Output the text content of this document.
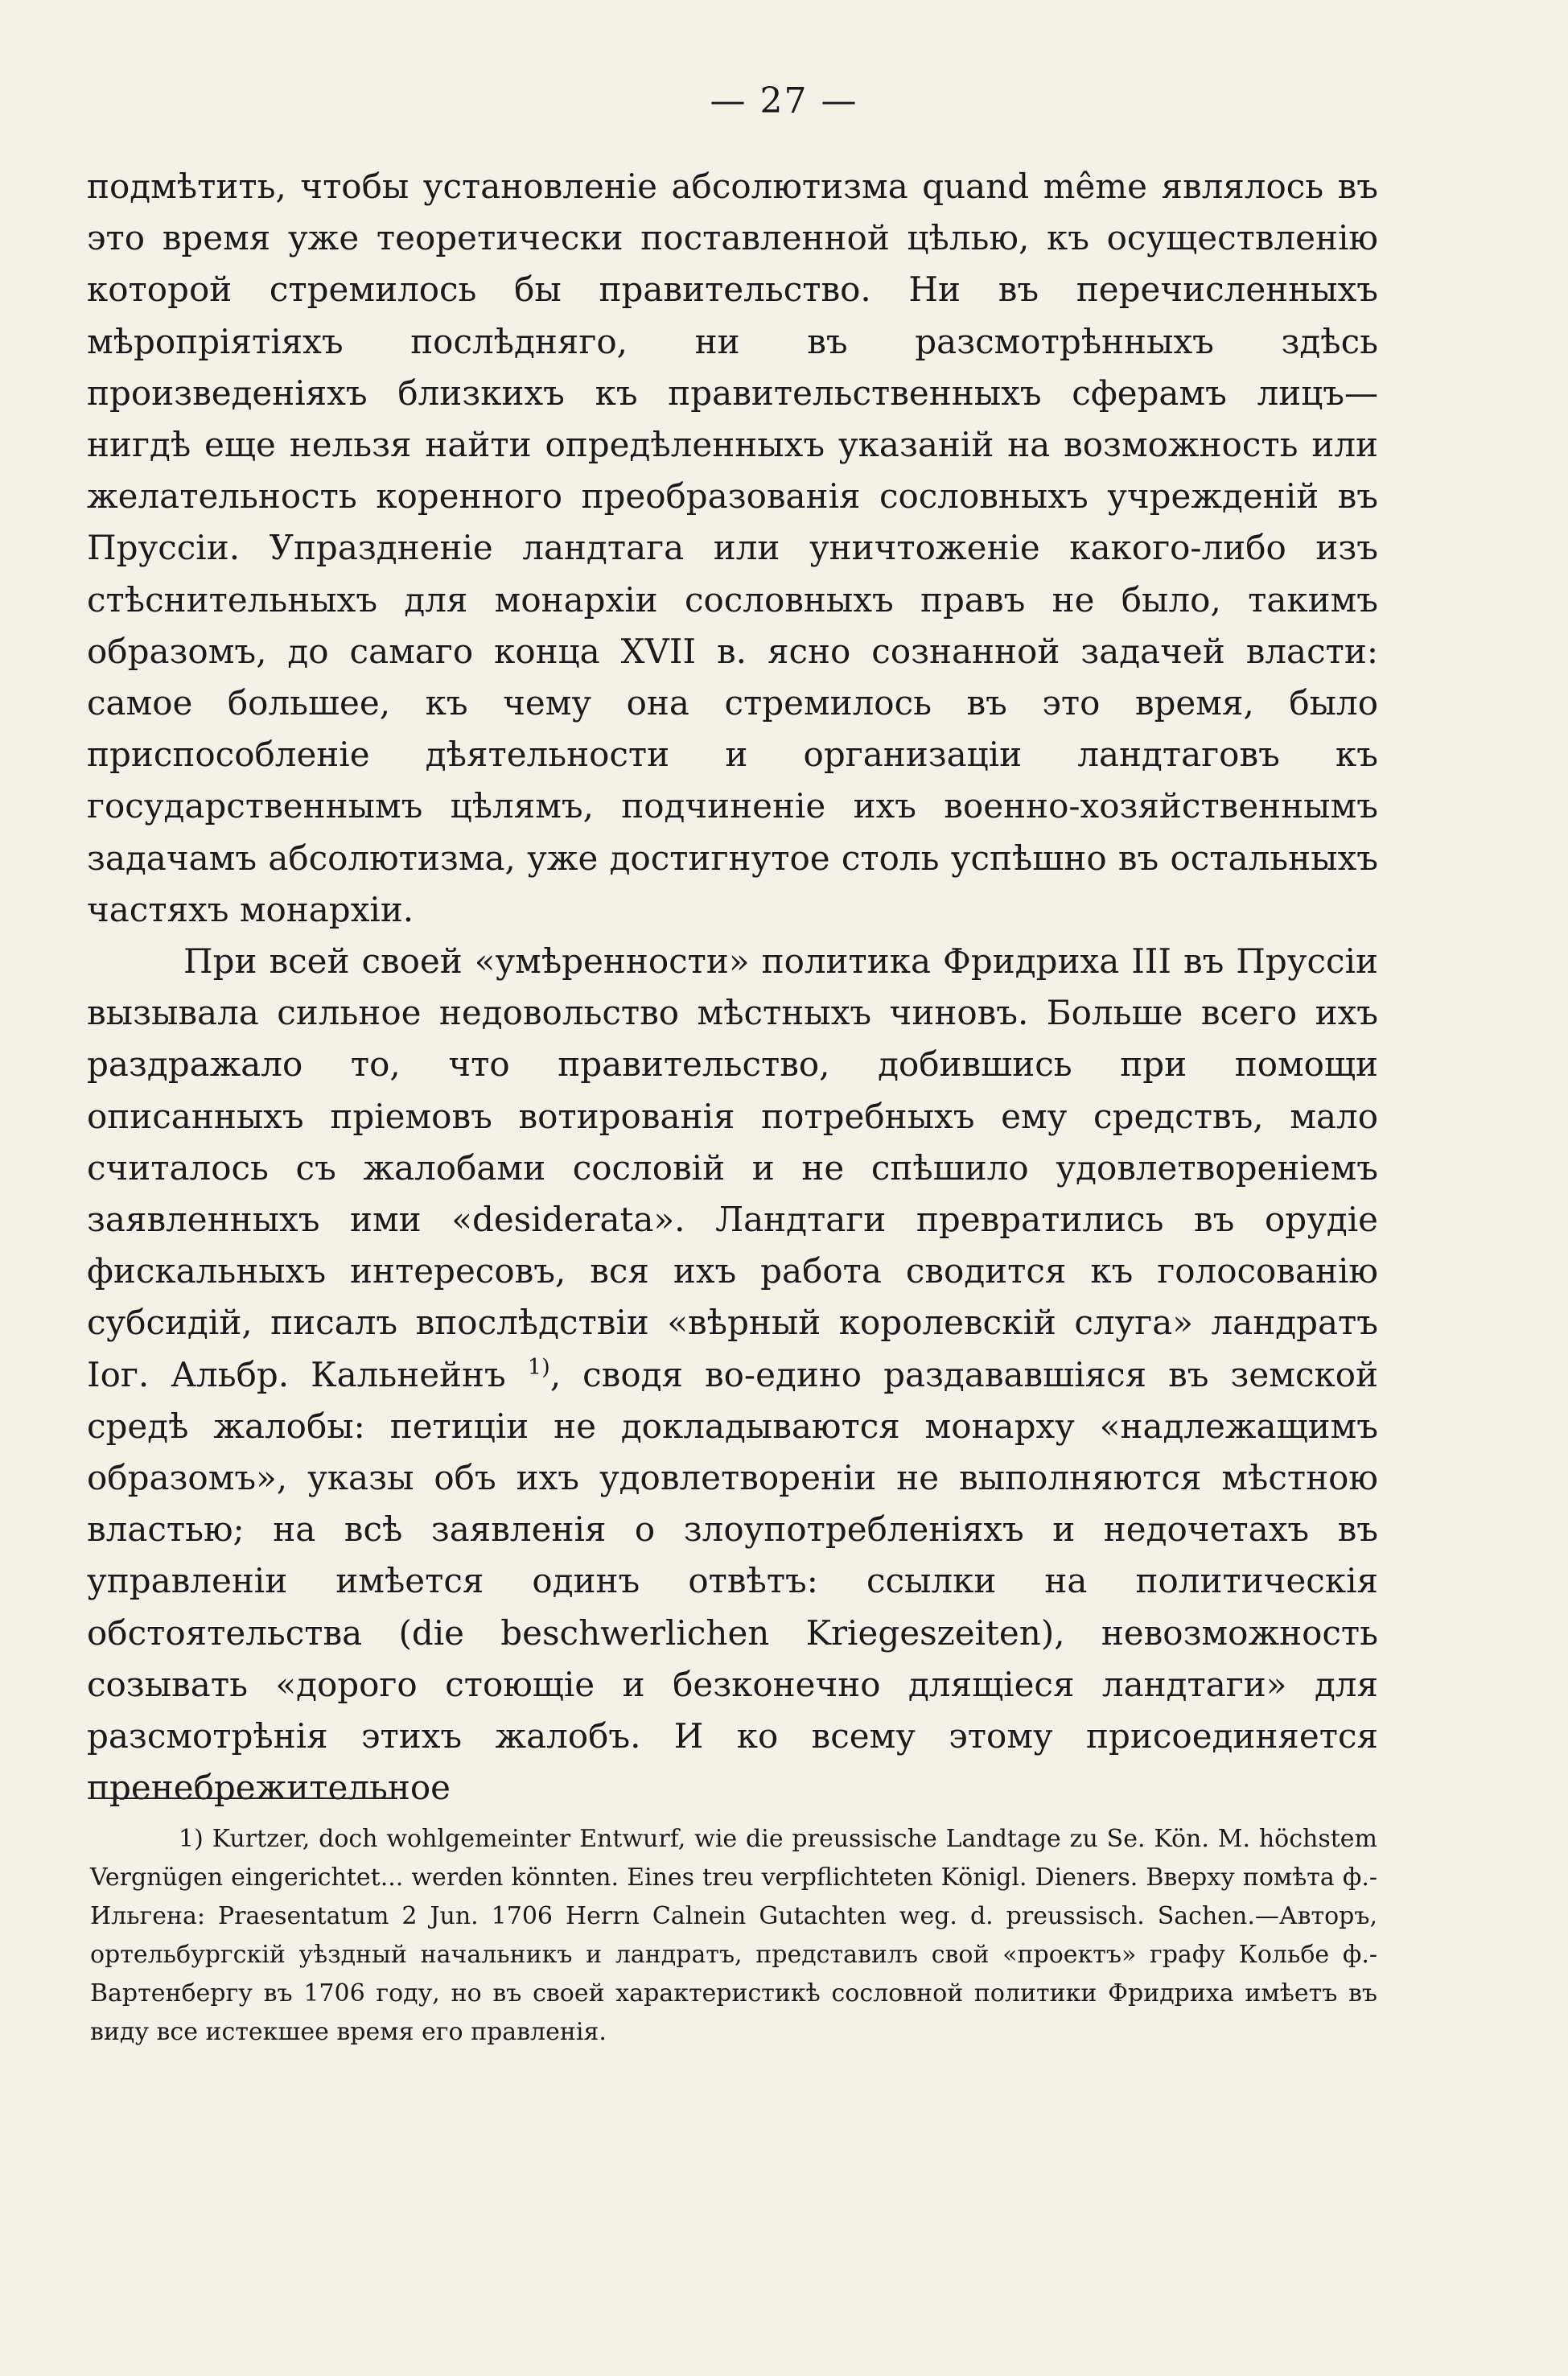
— 27 —

подмѣтить, чтобы установленіе абсолютизма quand même являлось въ это время уже теоретически поставленной цѣлью, къ осуществленію которой стремилось бы правительство. Ни въ перечисленныхъ мѣропріятіяхъ послѣдняго, ни въ разсмотрѣнныхъ здѣсь произведеніяхъ близкихъ къ правительственныхъ сферамъ лицъ—нигдѣ еще нельзя найти опредѣленныхъ указаній на возможность или желательность коренного преобразованія сословныхъ учрежденій въ Пруссіи. Упраздненіе ландтага или уничтоженіе какого-либо изъ стѣснительныхъ для монархіи сословныхъ правъ не было, такимъ образомъ, до самаго конца XVII в. ясно сознанной задачей власти: самое большее, къ чему она стремилось въ это время, было приспособленіе дѣятельности и организаціи ландтаговъ къ государственнымъ цѣлямъ, подчиненіе ихъ военно-хозяйственнымъ задачамъ абсолютизма, уже достигнутое столь успѣшно въ остальныхъ частяхъ монархіи.

При всей своей «умѣренности» политика Фридриха III въ Пруссіи вызывала сильное недовольство мѣстныхъ чиновъ. Больше всего ихъ раздражало то, что правительство, добившись при помощи описанныхъ пріемовъ вотированія потребныхъ ему средствъ, мало считалось съ жалобами сословій и не спѣшило удовлетвореніемъ заявленныхъ ими «desiderata». Ландтаги превратились въ орудіе фискальныхъ интересовъ, вся ихъ работа сводится къ голосованію субсидій, писалъ впослѣдствіи «вѣрный королевскій слуга» ландратъ Іог. Альбр. Кальнейнъ $^{1)}$, сводя во-едино раздававшіяся въ земской средѣ жалобы: петиціи не докладываются монарху «надлежащимъ образомъ», указы объ ихъ удовлетвореніи не выполняются мѣстною властью; на всѣ заявленія о злоупотребленіяхъ и недочетахъ въ управленіи имѣется одинъ отвѣтъ: ссылки на политическія обстоятельства (die beschwerlichen Kriegeszeiten), невозможность созывать «дорого стоющіе и безконечно длящіеся ландтаги» для разсмотрѣнія этихъ жалобъ. И ко всему этому присоединяется пренебрежительное

1) Kurtzer, doch wohlgemeinter Entwurf, wie die preussische Landtage zu Se. Kön. M. höchstem Vergnügen eingerichtet... werden könnten. Eines treu verpflichteten Königl. Dieners. Вверху помѣта ф.-Ильгена: Praesentatum 2 Jun. 1706 Herrn Calnein Gutachten weg. d. preussisch. Sachen.—Авторъ, ортельбургскій уѣздный начальникъ и ландратъ, представилъ свой «проектъ» графу Кольбе ф.-Вартенбергу въ 1706 году, но въ своей характеристикѣ сословной политики Фридриха имѣетъ въ виду все истекшее время его правленія.
